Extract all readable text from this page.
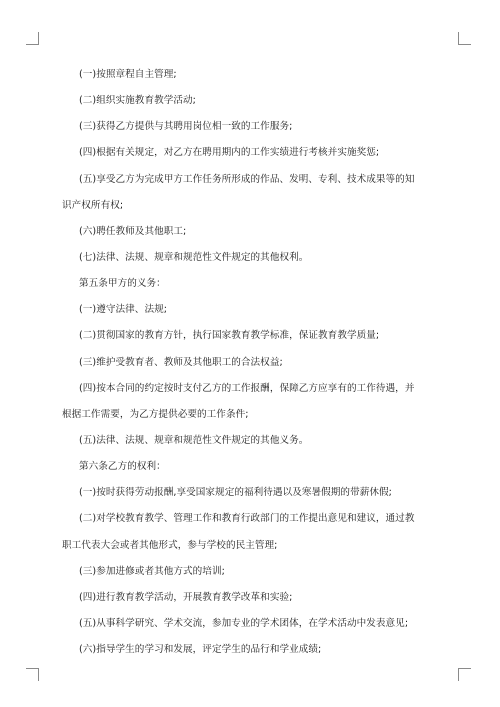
(一)按照章程自主管理;
(二)组织实施教育教学活动;
(三)获得乙方提供与其聘用岗位相一致的工作服务;
(四)根据有关规定，对乙方在聘用期内的工作实绩进行考核并实施奖惩;
(五)享受乙方为完成甲方工作任务所形成的作品、发明、专利、技术成果等的知
识产权所有权;
(六)聘任教师及其他职工;
(七)法律、法规、规章和规范性文件规定的其他权利。
第五条甲方的义务：
(一)遵守法律、法规;
(二)贯彻国家的教育方针，执行国家教育教学标准，保证教育教学质量;
(三)维护受教育者、教师及其他职工的合法权益;
(四)按本合同的约定按时支付乙方的工作报酬，保障乙方应享有的工作待遇，并
根据工作需要，为乙方提供必要的工作条件;
(五)法律、法规、规章和规范性文件规定的其他义务。
第六条乙方的权利：
(一)按时获得劳动报酬,享受国家规定的福利待遇以及寒暑假期的带薪休假;
(二)对学校教育教学、管理工作和教育行政部门的工作提出意见和建议，通过教
职工代表大会或者其他形式，参与学校的民主管理;
(三)参加进修或者其他方式的培训;
(四)进行教育教学活动，开展教育教学改革和实验;
(五)从事科学研究、学术交流，参加专业的学术团体，在学术活动中发表意见;
(六)指导学生的学习和发展，评定学生的品行和学业成绩;
